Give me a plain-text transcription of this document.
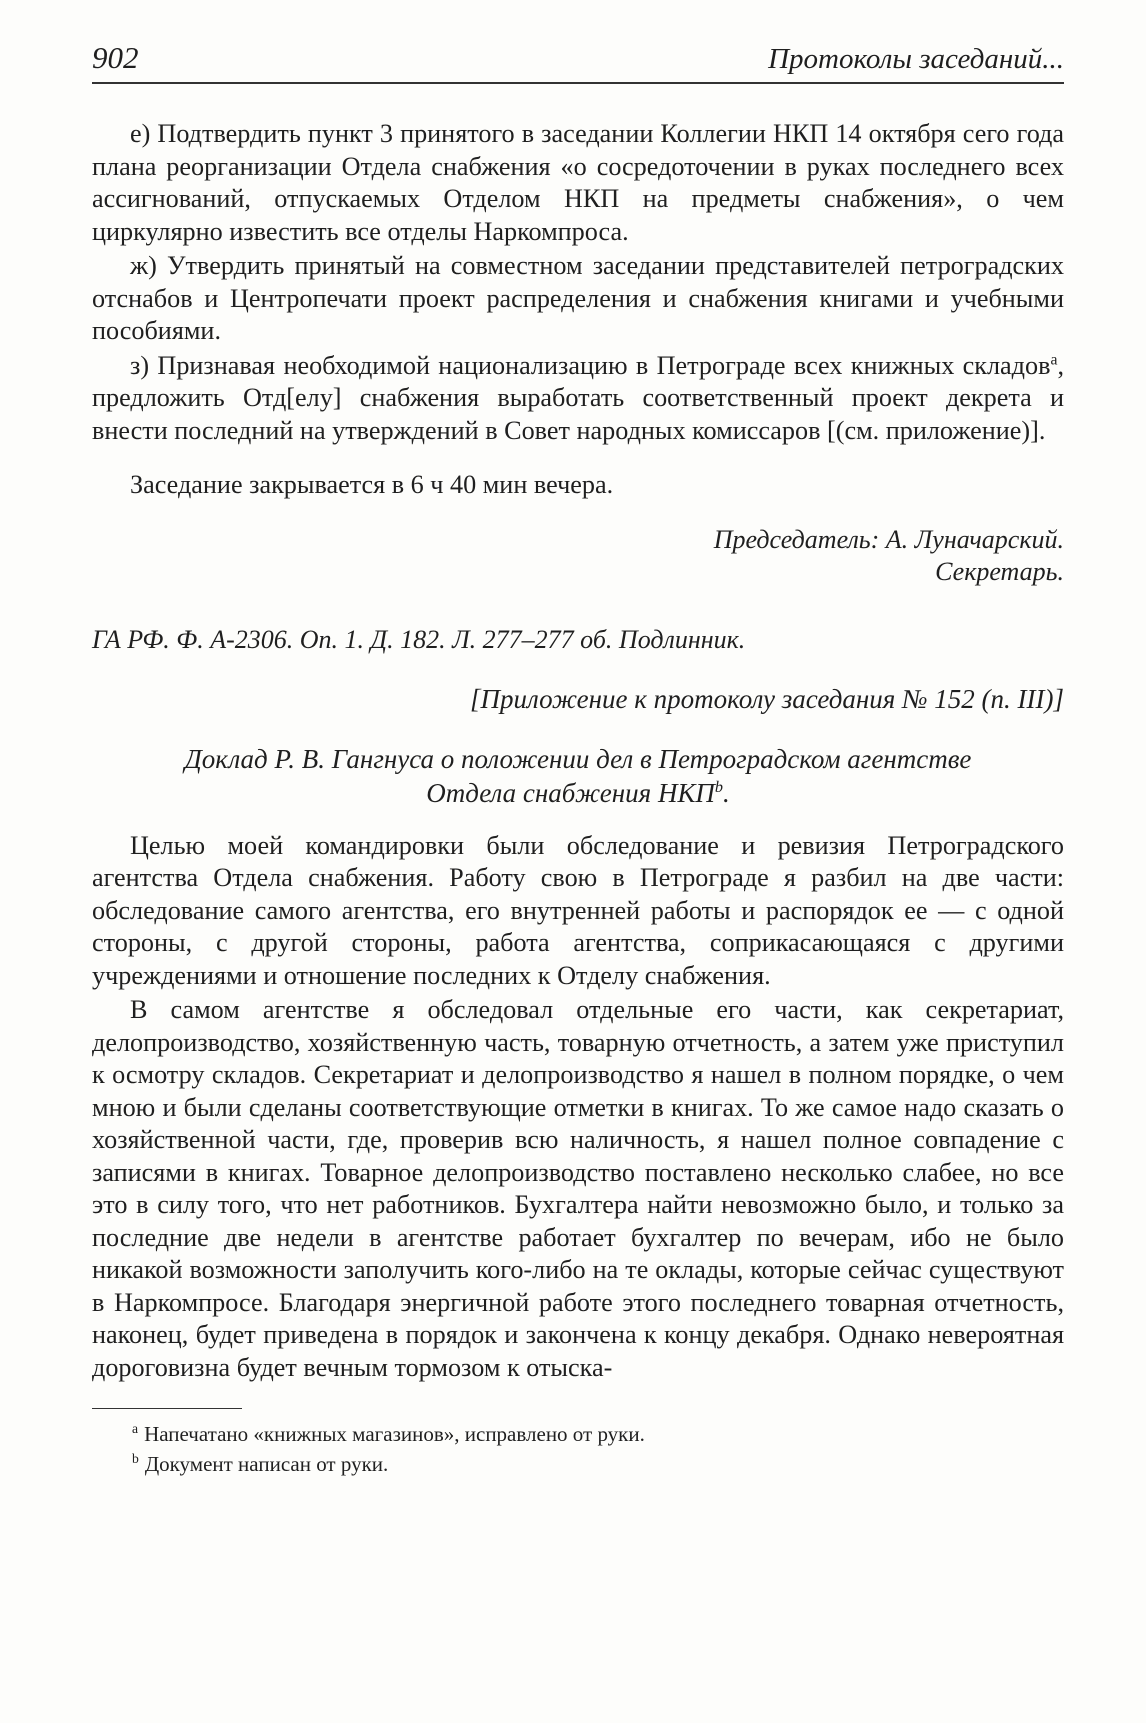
902	Протоколы заседаний...

е) Подтвердить пункт 3 принятого в заседании Коллегии НКП 14 октября сего года плана реорганизации Отдела снабжения «о сосредоточении в руках последнего всех ассигнований, отпускаемых Отделом НКП на предметы снабжения», о чем циркулярно известить все отделы Наркомпроса.

ж) Утвердить принятый на совместном заседании представителей петроградских отснабов и Центропечати проект распределения и снабжения книгами и учебными пособиями.

з) Признавая необходимой национализацию в Петрограде всех книжных складов$^a$, предложить Отд[елу] снабжения выработать соответственный проект декрета и внести последний на утверждений в Совет народных комиссаров [(см. приложение)].

Заседание закрывается в 6 ч 40 мин вечера.

Председатель: А. Луначарский.

Секретарь.

ГА РФ. Ф. А-2306. Оп. 1. Д. 182. Л. 277–277 об. Подлинник.

[Приложение к протоколу заседания № 152 (п. III)]

Доклад Р. В. Гангнуса о положении дел в Петроградском агентстве
Отдела снабжения НКП$^b$.

Целью моей командировки были обследование и ревизия Петроградского агентства Отдела снабжения. Работу свою в Петрограде я разбил на две части: обследование самого агентства, его внутренней работы и распорядок ее — с одной стороны, с другой стороны, работа агентства, соприкасающаяся с другими учреждениями и отношение последних к Отделу снабжения.

В самом агентстве я обследовал отдельные его части, как секретариат, делопроизводство, хозяйственную часть, товарную отчетность, а затем уже приступил к осмотру складов. Секретариат и делопроизводство я нашел в полном порядке, о чем мною и были сделаны соответствующие отметки в книгах. То же самое надо сказать о хозяйственной части, где, проверив всю наличность, я нашел полное совпадение с записями в книгах. Товарное делопроизводство поставлено несколько слабее, но все это в силу того, что нет работников. Бухгалтера найти невозможно было, и только за последние две недели в агентстве работает бухгалтер по вечерам, ибо не было никакой возможности заполучить кого-либо на те оклады, которые сейчас существуют в Наркомпросе. Благодаря энергичной работе этого последнего товарная отчетность, наконец, будет приведена в порядок и закончена к концу декабря. Однако невероятная дороговизна будет вечным тормозом к отыска-

$^a$ Напечатано «книжных магазинов», исправлено от руки.

$^b$ Документ написан от руки.
